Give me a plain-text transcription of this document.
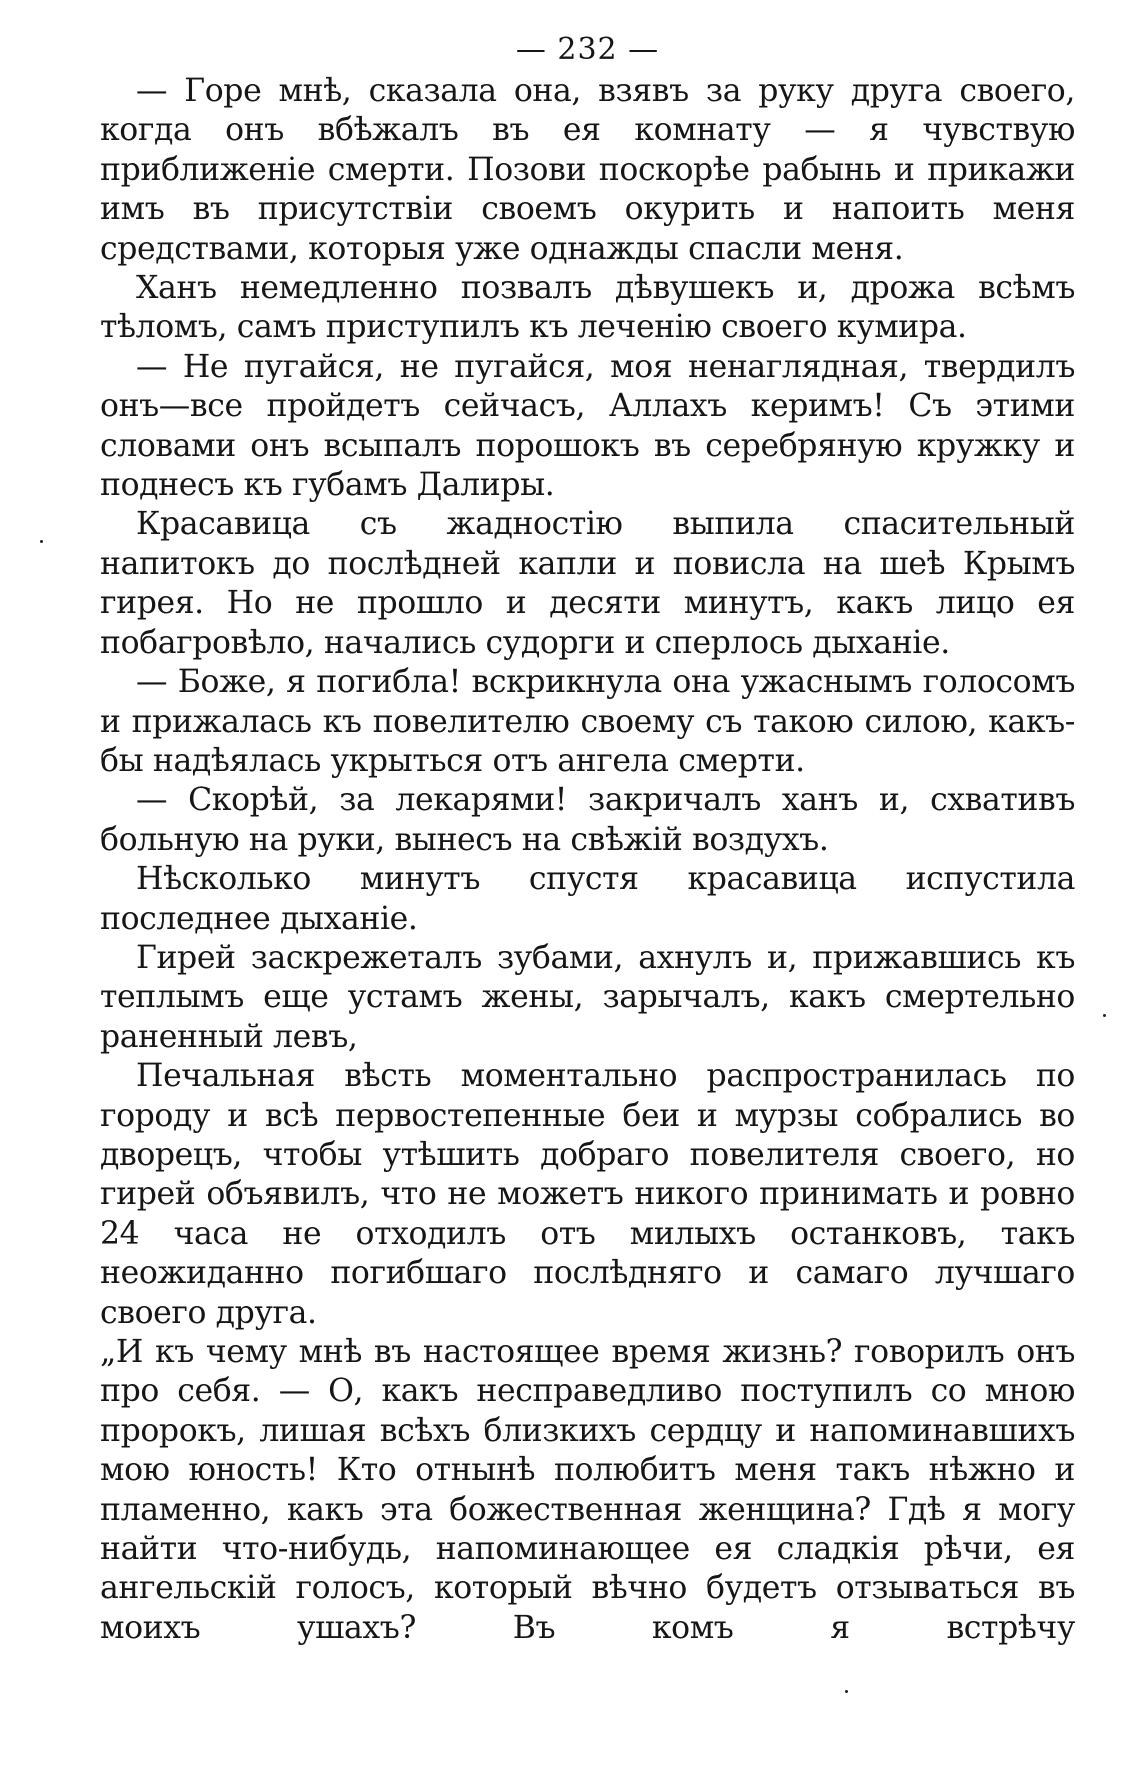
— 232 —

— Горе мнѣ, сказала она, взявъ за руку друга своего, когда онъ вбѣжалъ въ ея комнату — я чувствую приближеніе смерти. Позови поскорѣе рабынь и прикажи имъ въ присутствіи своемъ окурить и напоить меня средствами, которыя уже однажды спасли меня.

Ханъ немедленно позвалъ дѣвушекъ и, дрожа всѣмъ тѣломъ, самъ приступилъ къ леченію своего кумира.

— Не пугайся, не пугайся, моя ненаглядная, твердилъ онъ—все пройдетъ сейчасъ, Аллахъ керимъ! Съ этими словами онъ всыпалъ порошокъ въ серебряную кружку и поднесъ къ губамъ Далиры.

Красавица съ жадностію выпила спасительный напитокъ до послѣдней капли и повисла на шеѣ Крымъ гирея. Но не прошло и десяти минутъ, какъ лицо ея побагровѣло, начались судорги и сперлось дыханіе.

— Боже, я погибла! вскрикнула она ужаснымъ голосомъ и прижалась къ повелителю своему съ такою силою, какъ-бы надѣялась укрыться отъ ангела смерти.

— Скорѣй, за лекарями! закричалъ ханъ и, схвативъ больную на руки, вынесъ на свѣжій воздухъ.

Нѣсколько минутъ спустя красавица испустила последнее дыханіе.

Гирей заскрежеталъ зубами, ахнулъ и, прижавшись къ теплымъ еще устамъ жены, зарычалъ, какъ смертельно раненный левъ,

Печальная вѣсть моментально распространилась по городу и всѣ первостепенные беи и мурзы собрались во дворецъ, чтобы утѣшить добраго повелителя своего, но гирей объявилъ, что не можетъ никого принимать и ровно 24 часа не отходилъ отъ милыхъ останковъ, такъ неожиданно погибшаго послѣдняго и самаго лучшаго своего друга.

„И къ чему мнѣ въ настоящее время жизнь? говорилъ онъ про себя. — О, какъ несправедливо поступилъ со мною пророкъ, лишая всѣхъ близкихъ сердцу и напоминавшихъ мою юность! Кто отнынѣ полюбитъ меня такъ нѣжно и пламенно, какъ эта божественная женщина? Гдѣ я могу найти что-нибудь, напоминающее ея сладкія рѣчи, ея ангельскій голосъ, который вѣчно будетъ отзываться въ моихъ ушахъ? Въ комъ я встрѣчу
